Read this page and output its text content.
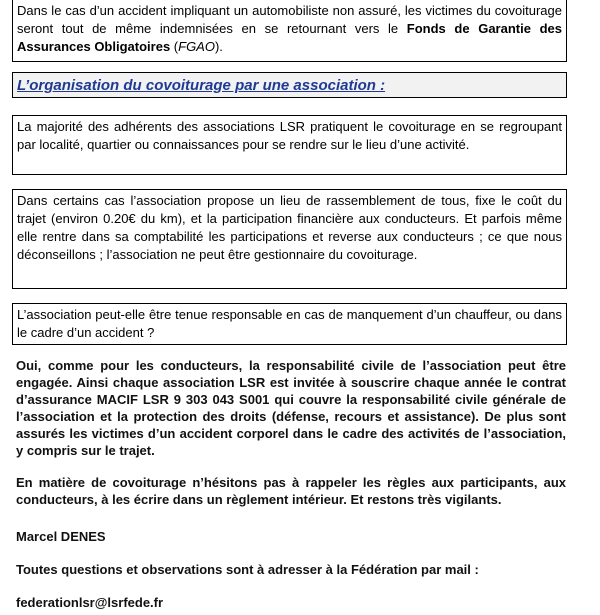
Dans le cas d’un accident impliquant un automobiliste non assuré, les victimes du covoiturage seront tout de même indemnisées en se retournant vers le Fonds de Garantie des Assurances Obligatoires (FGAO).
L’organisation du covoiturage par une association :
La majorité des adhérents des associations LSR pratiquent le covoiturage en se regroupant par localité, quartier ou connaissances pour se rendre sur le lieu d’une activité.
Dans certains cas l’association propose un lieu de rassemblement de tous, fixe le coût du trajet (environ 0.20€ du km), et la participation financière aux conducteurs. Et parfois même elle rentre dans sa comptabilité les participations et reverse aux conducteurs ; ce que nous déconseillons ; l’association ne peut être gestionnaire du covoiturage.
L’association peut-elle être tenue responsable en cas de manquement d’un chauffeur, ou dans le cadre d’un accident ?
Oui, comme pour les conducteurs, la responsabilité civile de l’association peut être engagée. Ainsi chaque association LSR est invitée à souscrire chaque année le contrat d’assurance MACIF LSR 9 303 043 S001 qui couvre la responsabilité civile générale de l’association et la protection des droits (défense, recours et assistance). De plus sont assurés les victimes d’un accident corporel dans le cadre des activités de l’association, y compris sur le trajet.
En matière de covoiturage n’hésitons pas à rappeler les règles aux participants, aux conducteurs, à les écrire dans un règlement intérieur. Et restons très vigilants.
Marcel DENES
Toutes questions et observations sont à adresser à la Fédération par mail :
federationlsr@lsrfede.fr
